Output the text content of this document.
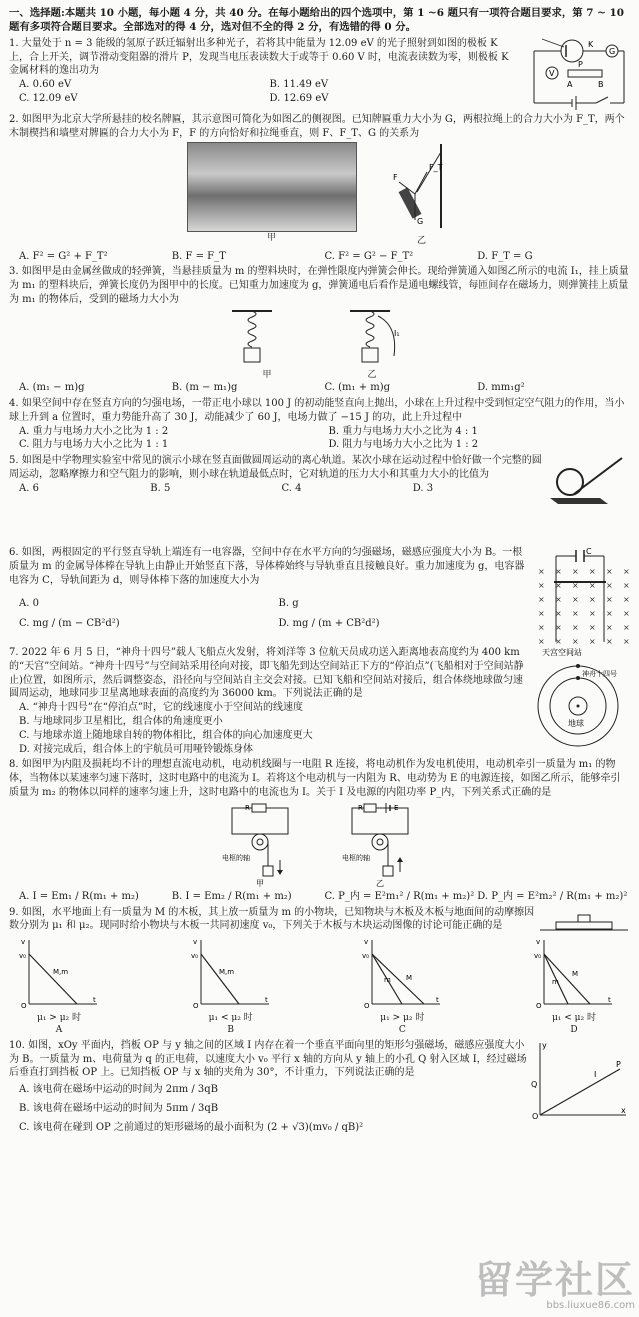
一、选择题:本题共 10 小题，每小题 4 分，共 40 分。在每小题给出的四个选项中，第 1 ~6 题只有一项符合题目要求，第 7 ~ 10 题有多项符合题目要求。全部选对的得 4 分，选对但不全的得 2 分，有选错的得 0 分。
1. 大量处于 n = 3 能级的氢原子跃迁辐射出多种光子，若将其中能量为 12.09 eV 的光子照射到如图的极板 K 上，合上开关，调节滑动变阻器的滑片 P，发现当电压表读数大于或等于 0.60 V 时，电流表读数为零，则极板 K 金属材料的逸出功为
A. 0.60 eV	B. 11.49 eV
C. 12.09 eV	D. 12.69 eV
G
K
V
P
A	B
2. 如图甲为北京大学所悬挂的校名牌匾，其示意图可简化为如图乙的侧视图。已知牌匾重力大小为 G，两根拉绳上的合力大小为 F_T，两个木制楔挡和墙壁对牌匾的合力大小为 F，F 的方向恰好和拉绳垂直，则 F、F_T、G 的关系为
甲
G
F_T
F
乙
A. F² = G² + F_T²	B. F = F_T	C. F² = G² − F_T²	D. F_T = G
3. 如图甲是由金属丝做成的轻弹簧，当悬挂质量为 m 的塑料块时，在弹性限度内弹簧会伸长。现给弹簧通入如图乙所示的电流 I₁，挂上质量为 m₁ 的塑料块后，弹簧长度仍为图甲中的长度。已知重力加速度为 g，弹簧通电后看作是通电螺线管，每匝间存在磁场力，则弹簧挂上质量为 m₁ 的物体后，受到的磁场力大小为
I₁
甲	乙
A. (m₁ − m)g	B. (m − m₁)g	C. (m₁ + m)g	D. mm₁g²
4. 如果空间中存在竖直方向的匀强电场，一带正电小球以 100 J 的初动能竖直向上抛出，小球在上升过程中受到恒定空气阻力的作用，当小球上升到 a 位置时，重力势能升高了 30 J，动能减少了 60 J，电场力做了 −15 J 的功，此上升过程中
A. 重力与电场力大小之比为 1 : 2	B. 重力与电场力大小之比为 4 : 1
C. 阻力与电场力大小之比为 1 : 1	D. 阻力与电场力大小之比为 1 : 2
5. 如图是中学物理实验室中常见的演示小球在竖直面做圆周运动的离心轨道。某次小球在运动过程中恰好做一个完整的圆周运动，忽略摩擦力和空气阻力的影响，则小球在轨道最低点时，它对轨道的压力大小和其重力大小的比值为
A. 6	B. 5	C. 4	D. 3
6. 如图，两根固定的平行竖直导轨上端连有一电容器，空间中存在水平方向的匀强磁场，磁感应强度大小为 B。一根质量为 m 的金属导体棒在导轨上由静止开始竖直下落，导体棒始终与导轨垂直且接触良好。重力加速度为 g，电容器电容为 C，导轨间距为 d，则导体棒下落的加速度大小为
A. 0	B. g
C. mg / (m − CB²d²)	D. mg / (m + CB²d²)
C
× × × × × ×
× × × × × ×
× × × × × ×
× × × × × ×
× × × × × ×
× × × × × ×
7. 2022 年 6 月 5 日，“神舟十四号”载人飞船点火发射，将刘洋等 3 位航天员成功送入距离地表高度约为 400 km 的“天宫”空间站。“神舟十四号”与空间站采用径向对接，即飞船先到达空间站正下方的“停泊点”(飞船相对于空间站静止)位置，如图所示，然后调整姿态，沿径向与空间站自主交会对接。已知飞船和空间站对接后，组合体绕地球做匀速圆周运动，地球同步卫星离地球表面的高度约为 36000 km。下列说法正确的是
A. “神舟十四号”在“停泊点”时，它的线速度小于空间站的线速度
B. 与地球同步卫星相比，组合体的角速度更小
C. 与地球赤道上随地球自转的物体相比，组合体的向心加速度更大
D. 对接完成后，组合体上的宇航员可用哑铃锻炼身体
天宫空间站
神舟十四号
地球
8. 如图甲为内阻及损耗均不计的理想直流电动机，电动机线圈与一电阻 R 连接，将电动机作为发电机使用，电动机牵引一质量为 m₁ 的物体，当物体以某速率匀速下落时，这时电路中的电流为 I。若将这个电动机与一内阻为 R、电动势为 E 的电源连接，如图乙所示，能够牵引质量为 m₂ 的物体以同样的速率匀速上升，这时电路中的电流也为 I。关于 I 及电源的内阻功率 P_内，下列关系式正确的是
R
电枢的轴
甲
R	E
电枢的轴
乙
A. I = Em₁ / R(m₁ + m₂)	B. I = Em₂ / R(m₁ + m₂)	C. P_内 = E²m₁² / R(m₁ + m₂)² D. P_内 = E²m₂² / R(m₁ + m₂)²
9. 如图，水平地面上有一质量为 M 的木板，其上放一质量为 m 的小物块，已知物块与木板及木板与地面间的动摩擦因数分别为 μ₁ 和 μ₂。现同时给小物块与木板一共同初速度 v₀，下列关于木板与木块运动图像的讨论可能正确的是
v
v₀
O
t
M,m
μ₁ > μ₂ 时
A
v
v₀
O
t
M,m
μ₁ < μ₂ 时
B
v
v₀
O
t
m M
μ₁ > μ₂ 时
C
v
v₀
O
t
m
M
μ₁ < μ₂ 时
D
10. 如图，xOy 平面内，挡板 OP 与 y 轴之间的区域 Ⅰ 内存在着一个垂直平面向里的矩形匀强磁场，磁感应强度大小为 B。一质量为 m、电荷量为 q 的正电荷，以速度大小 v₀ 平行 x 轴的方向从 y 轴上的小孔 Q 射入区域 Ⅰ，经过磁场后垂直打到挡板 OP 上。已知挡板 OP 与 x 轴的夹角为 30°，不计重力，下列说法正确的是
A. 该电荷在磁场中运动的时间为 2πm / 3qB
B. 该电荷在磁场中运动的时间为 5πm / 3qB
C. 该电荷在碰到 OP 之前通过的矩形磁场的最小面积为 (2 + √3)(mv₀ / qB)²
y
x
O
Q
P
I
留学社区
bbs.liuxue86.com
